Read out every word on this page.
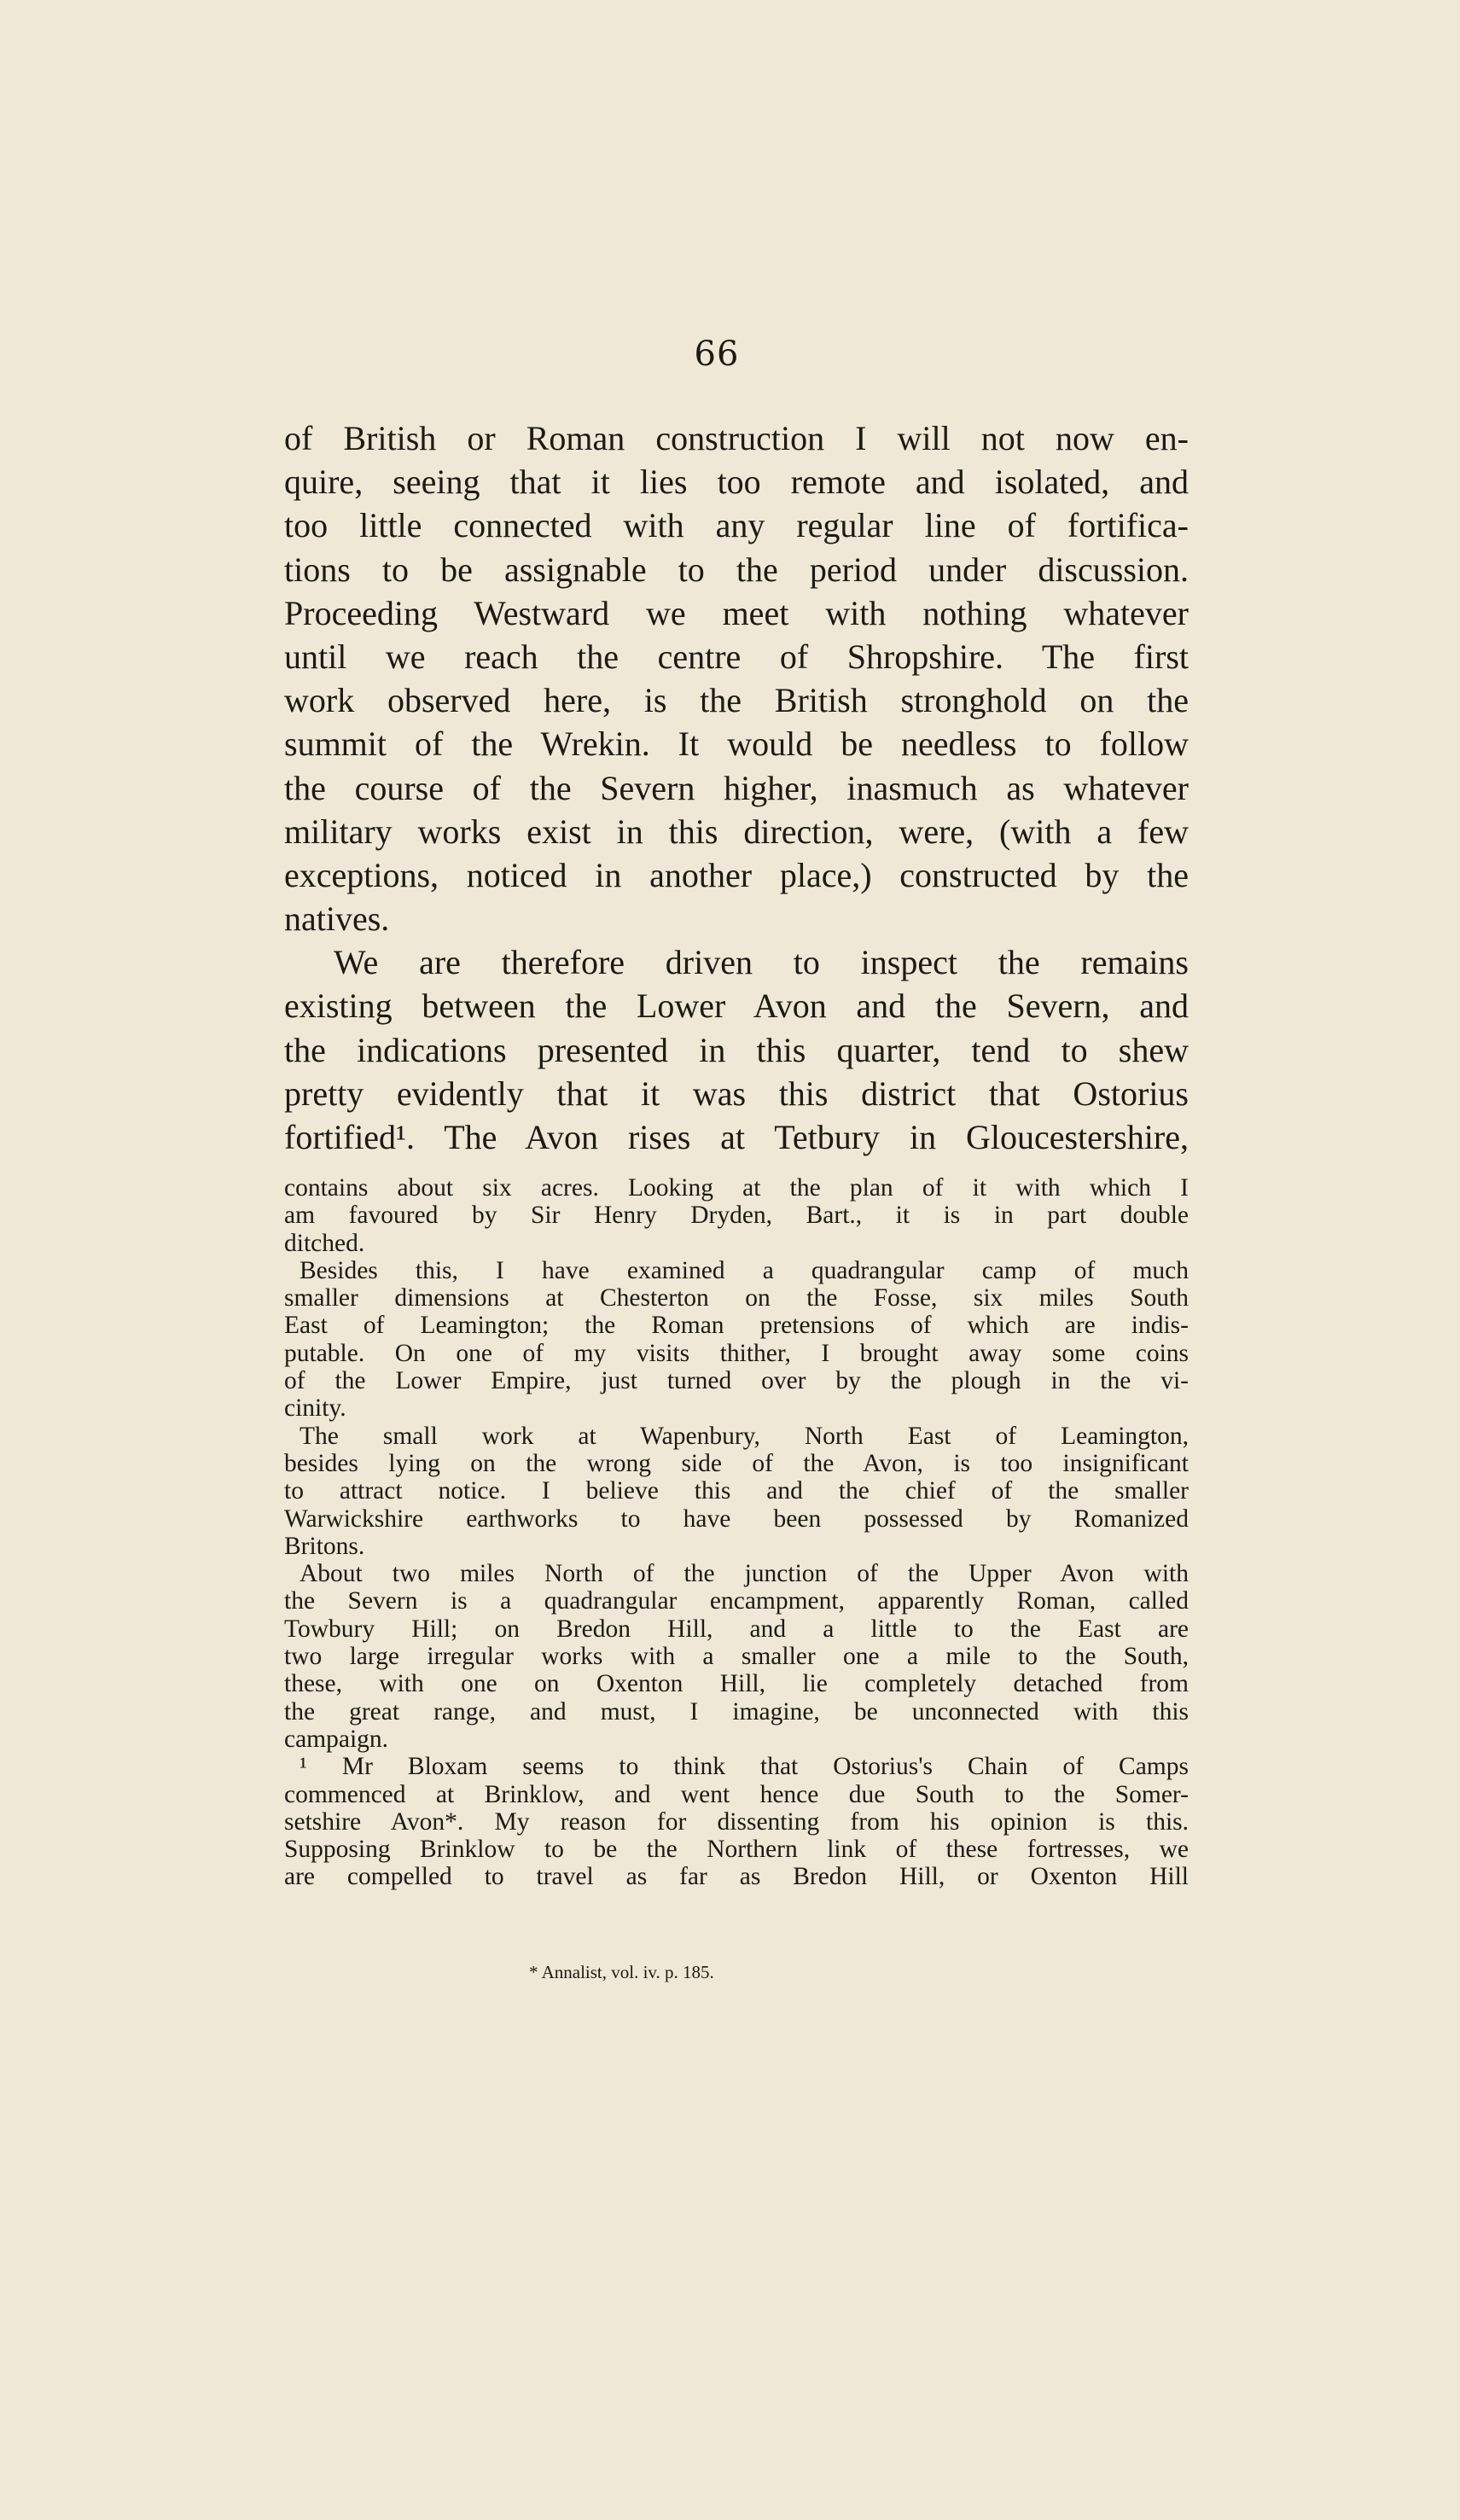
66
of British or Roman construction I will not now en-
quire, seeing that it lies too remote and isolated, and
too little connected with any regular line of fortifica-
tions to be assignable to the period under discussion.
Proceeding Westward we meet with nothing whatever
until we reach the centre of Shropshire. The first
work observed here, is the British stronghold on the
summit of the Wrekin. It would be needless to follow
the course of the Severn higher, inasmuch as whatever
military works exist in this direction, were, (with a few
exceptions, noticed in another place,) constructed by the
natives.
We are therefore driven to inspect the remains
existing between the Lower Avon and the Severn, and
the indications presented in this quarter, tend to shew
pretty evidently that it was this district that Ostorius
fortified¹. The Avon rises at Tetbury in Gloucestershire,
contains about six acres. Looking at the plan of it with which I
am favoured by Sir Henry Dryden, Bart., it is in part double
ditched.
Besides this, I have examined a quadrangular camp of much
smaller dimensions at Chesterton on the Fosse, six miles South
East of Leamington; the Roman pretensions of which are indis-
putable. On one of my visits thither, I brought away some coins
of the Lower Empire, just turned over by the plough in the vi-
cinity.
The small work at Wapenbury, North East of Leamington,
besides lying on the wrong side of the Avon, is too insignificant
to attract notice. I believe this and the chief of the smaller
Warwickshire earthworks to have been possessed by Romanized
Britons.
About two miles North of the junction of the Upper Avon with
the Severn is a quadrangular encampment, apparently Roman, called
Towbury Hill; on Bredon Hill, and a little to the East are
two large irregular works with a smaller one a mile to the South,
these, with one on Oxenton Hill, lie completely detached from
the great range, and must, I imagine, be unconnected with this
campaign.
¹ Mr Bloxam seems to think that Ostorius's Chain of Camps
commenced at Brinklow, and went hence due South to the Somer-
setshire Avon*. My reason for dissenting from his opinion is this.
Supposing Brinklow to be the Northern link of these fortresses, we
are compelled to travel as far as Bredon Hill, or Oxenton Hill
* Annalist, vol. iv. p. 185.
